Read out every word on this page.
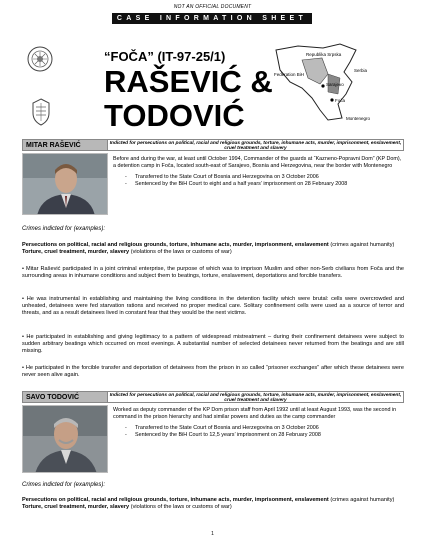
NOT AN OFFICIAL DOCUMENT
CASE INFORMATION SHEET
“FOČA” (IT-97-25/1)
RAŠEVIĆ &
TODOVIĆ
Republika Srpska
Sarajevo
Foča
Federation BiH
Serbia
Montenegro
MITAR RAŠEVIĆ	Indicted for persecutions on political, racial and religious grounds, torture, inhumane acts, murder, imprisonment, enslavement, cruel treatment and slavery
Before and during the war, at least until October 1994, Commander of the guards at “Kazneno-Popravni Dom” (KP Dom), a detention camp in Foča, located south-east of Sarajevo, Bosnia and Herzegovina, near the border with Montenegro
- Transferred to the State Court of Bosnia and Herzegovina on 3 October 2006
- Sentenced by the BiH Court to eight and a half years’ imprisonment on 28 February 2008
Crimes indicted for (examples):
Persecutions on political, racial and religious grounds, torture, inhumane acts, murder, imprisonment, enslavement (crimes against humanity)
Torture, cruel treatment, murder, slavery (violations of the laws or customs of war)
• Mitar Rašević participated in a joint criminal enterprise, the purpose of which was to imprison Muslim and other non-Serb civilians from Foča and the surrounding areas in inhumane conditions and subject them to beatings, torture, enslavement, deportations and forcible transfers.
• He was instrumental in establishing and maintaining the living conditions in the detention facility which were brutal: cells were overcrowded and unheated, detainees were fed starvation rations and received no proper medical care. Solitary confinement cells were used as a source of terror and threats, and as a result detainees lived in constant fear that they would be the next victims.
• He participated in establishing and giving legitimacy to a pattern of widespread mistreatment – during their confinement detainees were subject to sudden arbitrary beatings which occurred on most evenings. A substantial number of selected detainees never returned from the beatings and are still missing.
• He participated in the forcible transfer and deportation of detainees from the prison in so called “prisoner exchanges” after which these detainees were never seen alive again.
SAVO TODOVIĆ	Indicted for persecutions on political, racial and religious grounds, torture, inhumane acts, murder, imprisonment, enslavement, cruel treatment and slavery
Worked as deputy commander of the KP Dom prison staff from April 1992 until at least August 1993, was the second in command in the prison hierarchy and had similar powers and duties as the camp commander
- Transferred to the State Court of Bosnia and Herzegovina on 3 October 2006
- Sentenced by the BiH Court to 12,5 years’ imprisonment on 28 February 2008
Crimes indicted for (examples):
Persecutions on political, racial and religious grounds, torture, inhumane acts, murder, imprisonment, enslavement (crimes against humanity)
Torture, cruel treatment, murder, slavery (violations of the laws or customs of war)
1
